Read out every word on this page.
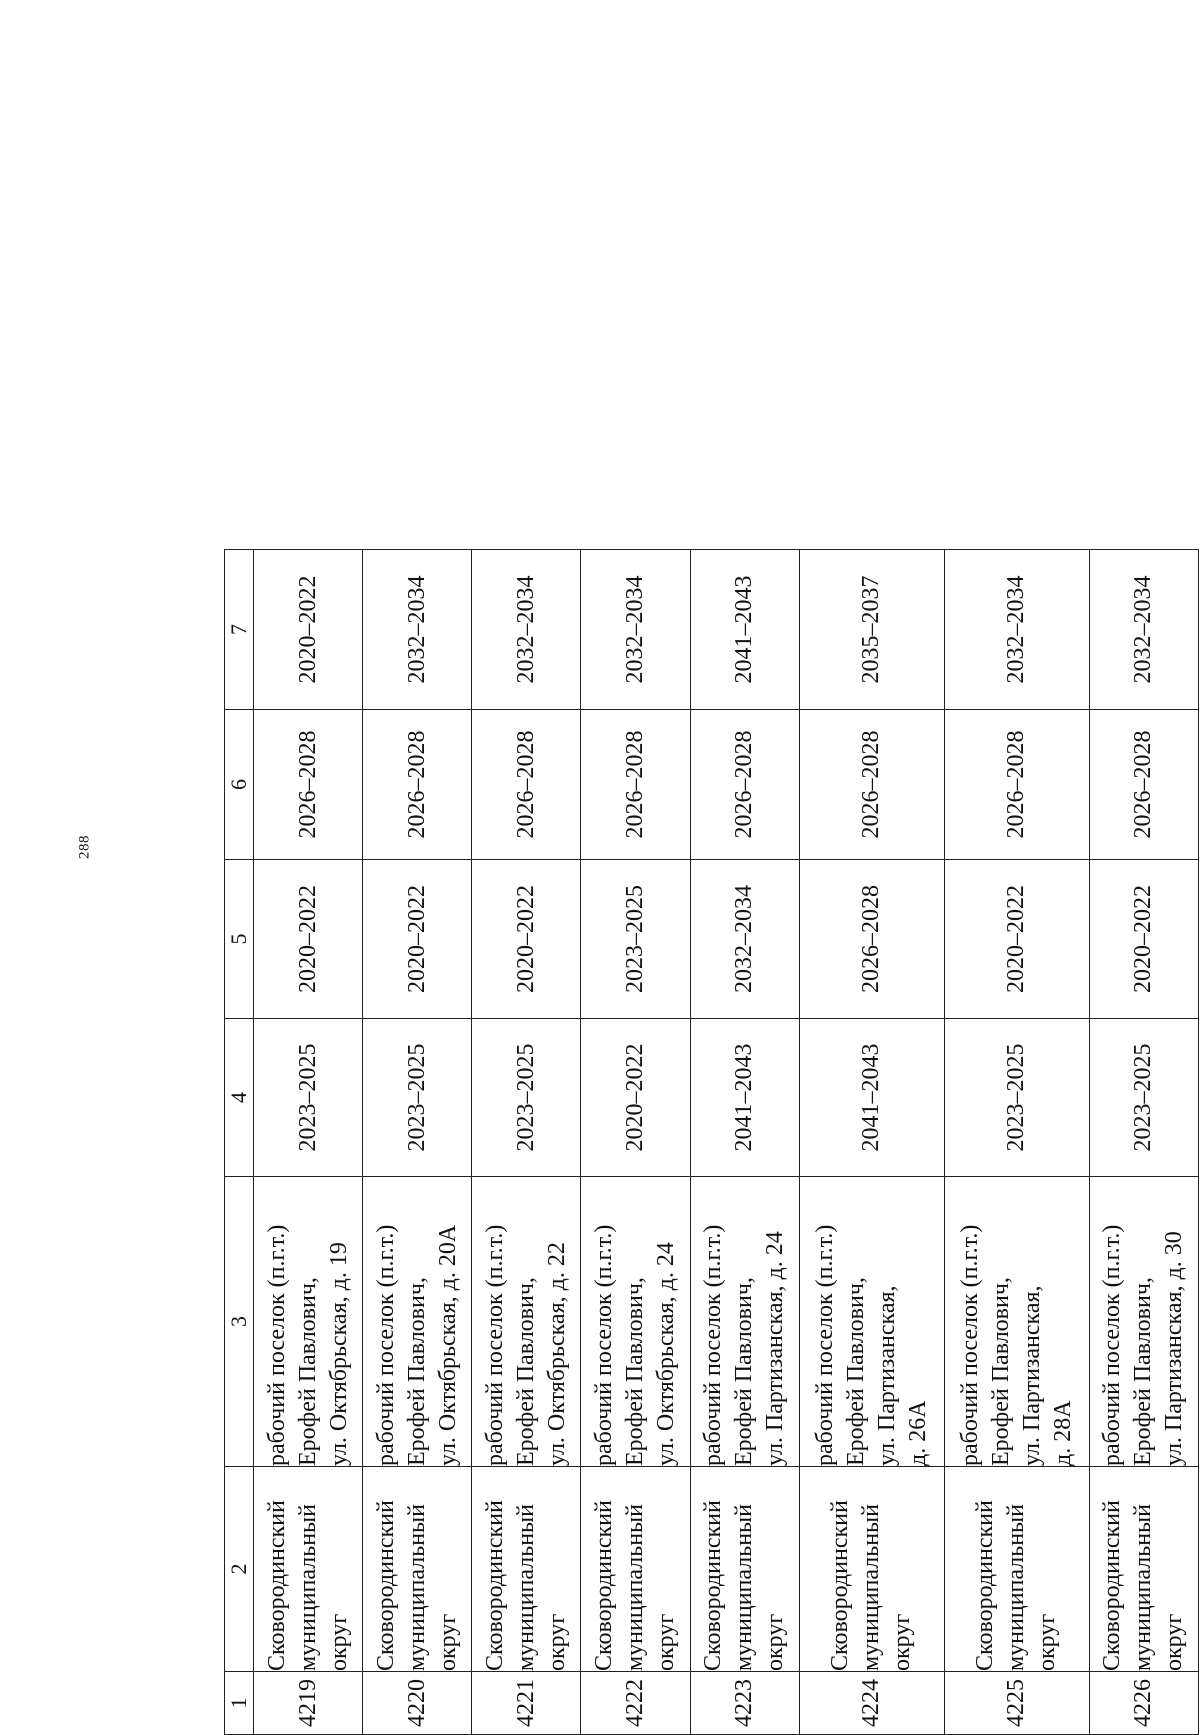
288
1	2	3	4	5	6	7
4219	Сковородинский муниципальный округ	рабочий поселок (п.г.т.) Ерофей Павлович, ул. Октябрьская, д. 19	2023–2025	2020–2022	2026–2028	2020–2022
4220	Сковородинский муниципальный округ	рабочий поселок (п.г.т.) Ерофей Павлович, ул. Октябрьская, д. 20А	2023–2025	2020–2022	2026–2028	2032–2034
4221	Сковородинский муниципальный округ	рабочий поселок (п.г.т.) Ерофей Павлович, ул. Октябрьская, д. 22	2023–2025	2020–2022	2026–2028	2032–2034
4222	Сковородинский муниципальный округ	рабочий поселок (п.г.т.) Ерофей Павлович, ул. Октябрьская, д. 24	2020–2022	2023–2025	2026–2028	2032–2034
4223	Сковородинский муниципальный округ	рабочий поселок (п.г.т.) Ерофей Павлович, ул. Партизанская, д. 24	2041–2043	2032–2034	2026–2028	2041–2043
4224	Сковородинский муниципальный округ	рабочий поселок (п.г.т.) Ерофей Павлович, ул. Партизанская, д. 26А	2041–2043	2026–2028	2026–2028	2035–2037
4225	Сковородинский муниципальный округ	рабочий поселок (п.г.т.) Ерофей Павлович, ул. Партизанская, д. 28А	2023–2025	2020–2022	2026–2028	2032–2034
4226	Сковородинский муниципальный округ	рабочий поселок (п.г.т.) Ерофей Павлович, ул. Партизанская, д. 30	2023–2025	2020–2022	2026–2028	2032–2034
